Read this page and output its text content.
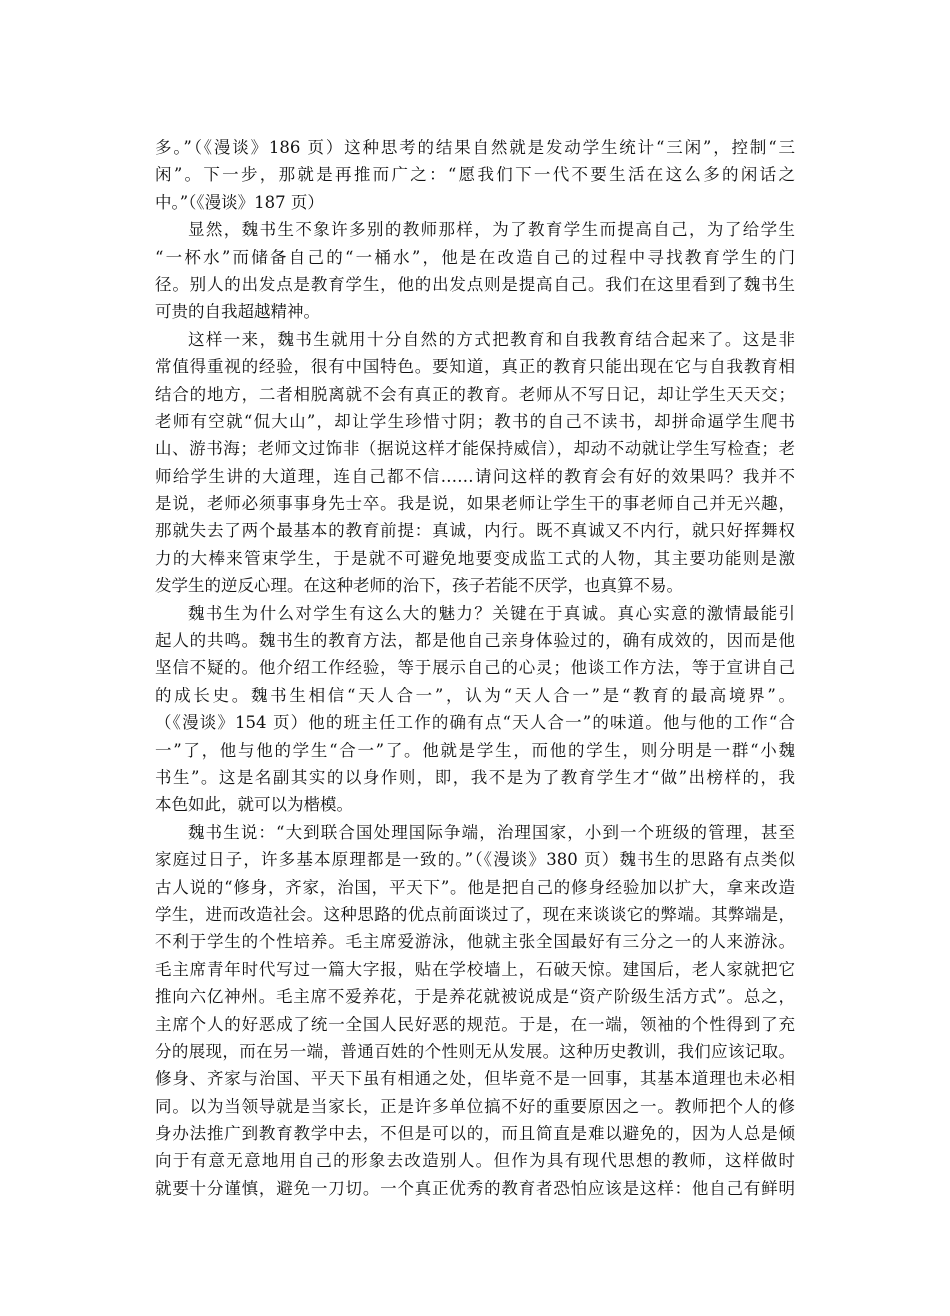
多。”（《漫谈》186 页）这种思考的结果自然就是发动学生统计“三闲”，控制“三
闲”。下一步，那就是再推而广之：“愿我们下一代不要生活在这么多的闲话之
中。”（《漫谈》187 页）
显然，魏书生不象许多别的教师那样，为了教育学生而提高自己，为了给学生
“一杯水”而储备自己的“一桶水”，他是在改造自己的过程中寻找教育学生的门
径。别人的出发点是教育学生，他的出发点则是提高自己。我们在这里看到了魏书生
可贵的自我超越精神。
这样一来，魏书生就用十分自然的方式把教育和自我教育结合起来了。这是非
常值得重视的经验，很有中国特色。要知道，真正的教育只能出现在它与自我教育相
结合的地方，二者相脱离就不会有真正的教育。老师从不写日记，却让学生天天交；
老师有空就“侃大山”，却让学生珍惜寸阴；教书的自己不读书，却拼命逼学生爬书
山、游书海；老师文过饰非（据说这样才能保持威信），却动不动就让学生写检查；老
师给学生讲的大道理，连自己都不信……请问这样的教育会有好的效果吗？我并不
是说，老师必须事事身先士卒。我是说，如果老师让学生干的事老师自己并无兴趣，
那就失去了两个最基本的教育前提：真诚，内行。既不真诚又不内行，就只好挥舞权
力的大棒来管束学生，于是就不可避免地要变成监工式的人物，其主要功能则是激
发学生的逆反心理。在这种老师的治下，孩子若能不厌学，也真算不易。
魏书生为什么对学生有这么大的魅力？关键在于真诚。真心实意的激情最能引
起人的共鸣。魏书生的教育方法，都是他自己亲身体验过的，确有成效的，因而是他
坚信不疑的。他介绍工作经验，等于展示自己的心灵；他谈工作方法，等于宣讲自己
的成长史。魏书生相信“天人合一”，认为“天人合一”是“教育的最高境界”。
（《漫谈》154 页）他的班主任工作的确有点“天人合一”的味道。他与他的工作“合
一”了，他与他的学生“合一”了。他就是学生，而他的学生，则分明是一群“小魏
书生”。这是名副其实的以身作则，即，我不是为了教育学生才“做”出榜样的，我
本色如此，就可以为楷模。
魏书生说：“大到联合国处理国际争端，治理国家，小到一个班级的管理，甚至
家庭过日子，许多基本原理都是一致的。”（《漫谈》380 页）魏书生的思路有点类似
古人说的“修身，齐家，治国，平天下”。他是把自己的修身经验加以扩大，拿来改造
学生，进而改造社会。这种思路的优点前面谈过了，现在来谈谈它的弊端。其弊端是，
不利于学生的个性培养。毛主席爱游泳，他就主张全国最好有三分之一的人来游泳。
毛主席青年时代写过一篇大字报，贴在学校墙上，石破天惊。建国后，老人家就把它
推向六亿神州。毛主席不爱养花，于是养花就被说成是“资产阶级生活方式”。总之，
主席个人的好恶成了统一全国人民好恶的规范。于是，在一端，领袖的个性得到了充
分的展现，而在另一端，普通百姓的个性则无从发展。这种历史教训，我们应该记取。
修身、齐家与治国、平天下虽有相通之处，但毕竟不是一回事，其基本道理也未必相
同。以为当领导就是当家长，正是许多单位搞不好的重要原因之一。教师把个人的修
身办法推广到教育教学中去，不但是可以的，而且简直是难以避免的，因为人总是倾
向于有意无意地用自己的形象去改造别人。但作为具有现代思想的教师，这样做时
就要十分谨慎，避免一刀切。一个真正优秀的教育者恐怕应该是这样：他自己有鲜明
